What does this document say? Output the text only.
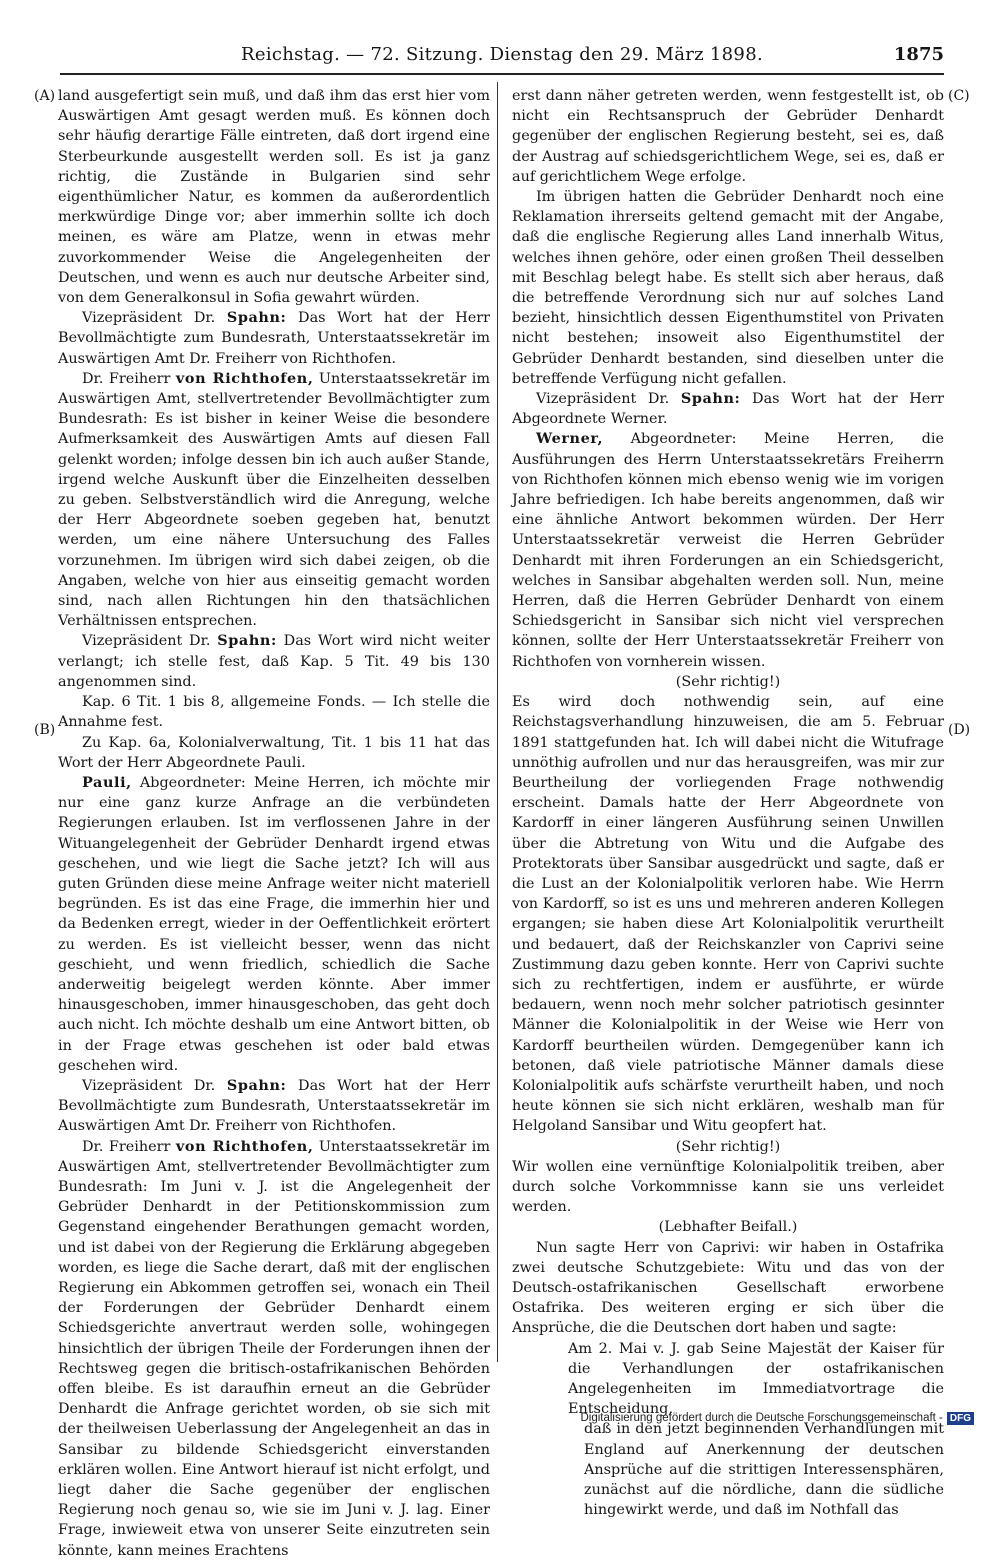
Reichstag. — 72. Sitzung. Dienstag den 29. März 1898.	1875
(A)
(B)
(C)
(D)

land ausgefertigt sein muß, und daß ihm das erst hier vom Auswärtigen Amt gesagt werden muß. Es können doch sehr häufig derartige Fälle eintreten, daß dort irgend eine Sterbeurkunde ausgestellt werden soll. Es ist ja ganz richtig, die Zustände in Bulgarien sind sehr eigenthümlicher Natur, es kommen da außerordentlich merkwürdige Dinge vor; aber immerhin sollte ich doch meinen, es wäre am Platze, wenn in etwas mehr zuvorkommender Weise die Angelegenheiten der Deutschen, und wenn es auch nur deutsche Arbeiter sind, von dem Generalkonsul in Sofia gewahrt würden.

Vizepräsident Dr. Spahn: Das Wort hat der Herr Bevollmächtigte zum Bundesrath, Unterstaatssekretär im Auswärtigen Amt Dr. Freiherr von Richthofen.

Dr. Freiherr von Richthofen, Unterstaatssekretär im Auswärtigen Amt, stellvertretender Bevollmächtigter zum Bundesrath: Es ist bisher in keiner Weise die besondere Aufmerksamkeit des Auswärtigen Amts auf diesen Fall gelenkt worden; infolge dessen bin ich auch außer Stande, irgend welche Auskunft über die Einzelheiten desselben zu geben. Selbstverständlich wird die Anregung, welche der Herr Abgeordnete soeben gegeben hat, benutzt werden, um eine nähere Untersuchung des Falles vorzunehmen. Im übrigen wird sich dabei zeigen, ob die Angaben, welche von hier aus einseitig gemacht worden sind, nach allen Richtungen hin den thatsächlichen Verhältnissen entsprechen.

Vizepräsident Dr. Spahn: Das Wort wird nicht weiter verlangt; ich stelle fest, daß Kap. 5 Tit. 49 bis 130 angenommen sind.

Kap. 6 Tit. 1 bis 8, allgemeine Fonds. — Ich stelle die Annahme fest.

Zu Kap. 6a, Kolonialverwaltung, Tit. 1 bis 11 hat das Wort der Herr Abgeordnete Pauli.

Pauli, Abgeordneter: Meine Herren, ich möchte mir nur eine ganz kurze Anfrage an die verbündeten Regierungen erlauben. Ist im verflossenen Jahre in der Wituangelegenheit der Gebrüder Denhardt irgend etwas geschehen, und wie liegt die Sache jetzt? Ich will aus guten Gründen diese meine Anfrage weiter nicht materiell begründen. Es ist das eine Frage, die immerhin hier und da Bedenken erregt, wieder in der Oeffentlichkeit erörtert zu werden. Es ist vielleicht besser, wenn das nicht geschieht, und wenn friedlich, schiedlich die Sache anderweitig beigelegt werden könnte. Aber immer hinausgeschoben, immer hinausgeschoben, das geht doch auch nicht. Ich möchte deshalb um eine Antwort bitten, ob in der Frage etwas geschehen ist oder bald etwas geschehen wird.

Vizepräsident Dr. Spahn: Das Wort hat der Herr Bevollmächtigte zum Bundesrath, Unterstaatssekretär im Auswärtigen Amt Dr. Freiherr von Richthofen.

Dr. Freiherr von Richthofen, Unterstaatssekretär im Auswärtigen Amt, stellvertretender Bevollmächtigter zum Bundesrath: Im Juni v. J. ist die Angelegenheit der Gebrüder Denhardt in der Petitionskommission zum Gegenstand eingehender Berathungen gemacht worden, und ist dabei von der Regierung die Erklärung abgegeben worden, es liege die Sache derart, daß mit der englischen Regierung ein Abkommen getroffen sei, wonach ein Theil der Forderungen der Gebrüder Denhardt einem Schiedsgerichte anvertraut werden solle, wohingegen hinsichtlich der übrigen Theile der Forderungen ihnen der Rechtsweg gegen die britisch-ostafrikanischen Behörden offen bleibe. Es ist daraufhin erneut an die Gebrüder Denhardt die Anfrage gerichtet worden, ob sie sich mit der theilweisen Ueberlassung der Angelegenheit an das in Sansibar zu bildende Schiedsgericht einverstanden erklären wollen. Eine Antwort hierauf ist nicht erfolgt, und liegt daher die Sache gegenüber der englischen Regierung noch genau so, wie sie im Juni v. J. lag. Einer Frage, inwieweit etwa von unserer Seite einzutreten sein könnte, kann meines Erachtens

erst dann näher getreten werden, wenn festgestellt ist, ob nicht ein Rechtsanspruch der Gebrüder Denhardt gegenüber der englischen Regierung besteht, sei es, daß der Austrag auf schiedsgerichtlichem Wege, sei es, daß er auf gerichtlichem Wege erfolge.

Im übrigen hatten die Gebrüder Denhardt noch eine Reklamation ihrerseits geltend gemacht mit der Angabe, daß die englische Regierung alles Land innerhalb Witus, welches ihnen gehöre, oder einen großen Theil desselben mit Beschlag belegt habe. Es stellt sich aber heraus, daß die betreffende Verordnung sich nur auf solches Land bezieht, hinsichtlich dessen Eigenthumstitel von Privaten nicht bestehen; insoweit also Eigenthumstitel der Gebrüder Denhardt bestanden, sind dieselben unter die betreffende Verfügung nicht gefallen.

Vizepräsident Dr. Spahn: Das Wort hat der Herr Abgeordnete Werner.

Werner, Abgeordneter: Meine Herren, die Ausführungen des Herrn Unterstaatssekretärs Freiherrn von Richthofen können mich ebenso wenig wie im vorigen Jahre befriedigen. Ich habe bereits angenommen, daß wir eine ähnliche Antwort bekommen würden. Der Herr Unterstaatssekretär verweist die Herren Gebrüder Denhardt mit ihren Forderungen an ein Schiedsgericht, welches in Sansibar abgehalten werden soll. Nun, meine Herren, daß die Herren Gebrüder Denhardt von einem Schiedsgericht in Sansibar sich nicht viel versprechen können, sollte der Herr Unterstaatssekretär Freiherr von Richthofen von vornherein wissen.

(Sehr richtig!)

Es wird doch nothwendig sein, auf eine Reichstagsverhandlung hinzuweisen, die am 5. Februar 1891 stattgefunden hat. Ich will dabei nicht die Witufrage unnöthig aufrollen und nur das herausgreifen, was mir zur Beurtheilung der vorliegenden Frage nothwendig erscheint. Damals hatte der Herr Abgeordnete von Kardorff in einer längeren Ausführung seinen Unwillen über die Abtretung von Witu und die Aufgabe des Protektorats über Sansibar ausgedrückt und sagte, daß er die Lust an der Kolonialpolitik verloren habe. Wie Herrn von Kardorff, so ist es uns und mehreren anderen Kollegen ergangen; sie haben diese Art Kolonialpolitik verurtheilt und bedauert, daß der Reichskanzler von Caprivi seine Zustimmung dazu geben konnte. Herr von Caprivi suchte sich zu rechtfertigen, indem er ausführte, er würde bedauern, wenn noch mehr solcher patriotisch gesinnter Männer die Kolonialpolitik in der Weise wie Herr von Kardorff beurtheilen würden. Demgegenüber kann ich betonen, daß viele patriotische Männer damals diese Kolonialpolitik aufs schärfste verurtheilt haben, und noch heute können sie sich nicht erklären, weshalb man für Helgoland Sansibar und Witu geopfert hat.

(Sehr richtig!)

Wir wollen eine vernünftige Kolonialpolitik treiben, aber durch solche Vorkommnisse kann sie uns verleidet werden.

(Lebhafter Beifall.)

Nun sagte Herr von Caprivi: wir haben in Ostafrika zwei deutsche Schutzgebiete: Witu und das von der Deutsch-ostafrikanischen Gesellschaft erworbene Ostafrika. Des weiteren erging er sich über die Ansprüche, die die Deutschen dort haben und sagte:

Am 2. Mai v. J. gab Seine Majestät der Kaiser für die Verhandlungen der ostafrikanischen Angelegenheiten im Immediatvortrage die Entscheidung,

daß in den jetzt beginnenden Verhandlungen mit England auf Anerkennung der deutschen Ansprüche auf die strittigen Interessensphären, zunächst auf die nördliche, dann die südliche hingewirkt werde, und daß im Nothfall das

Digitalisierung gefördert durch die Deutsche Forschungsgemeinschaft - DFG
